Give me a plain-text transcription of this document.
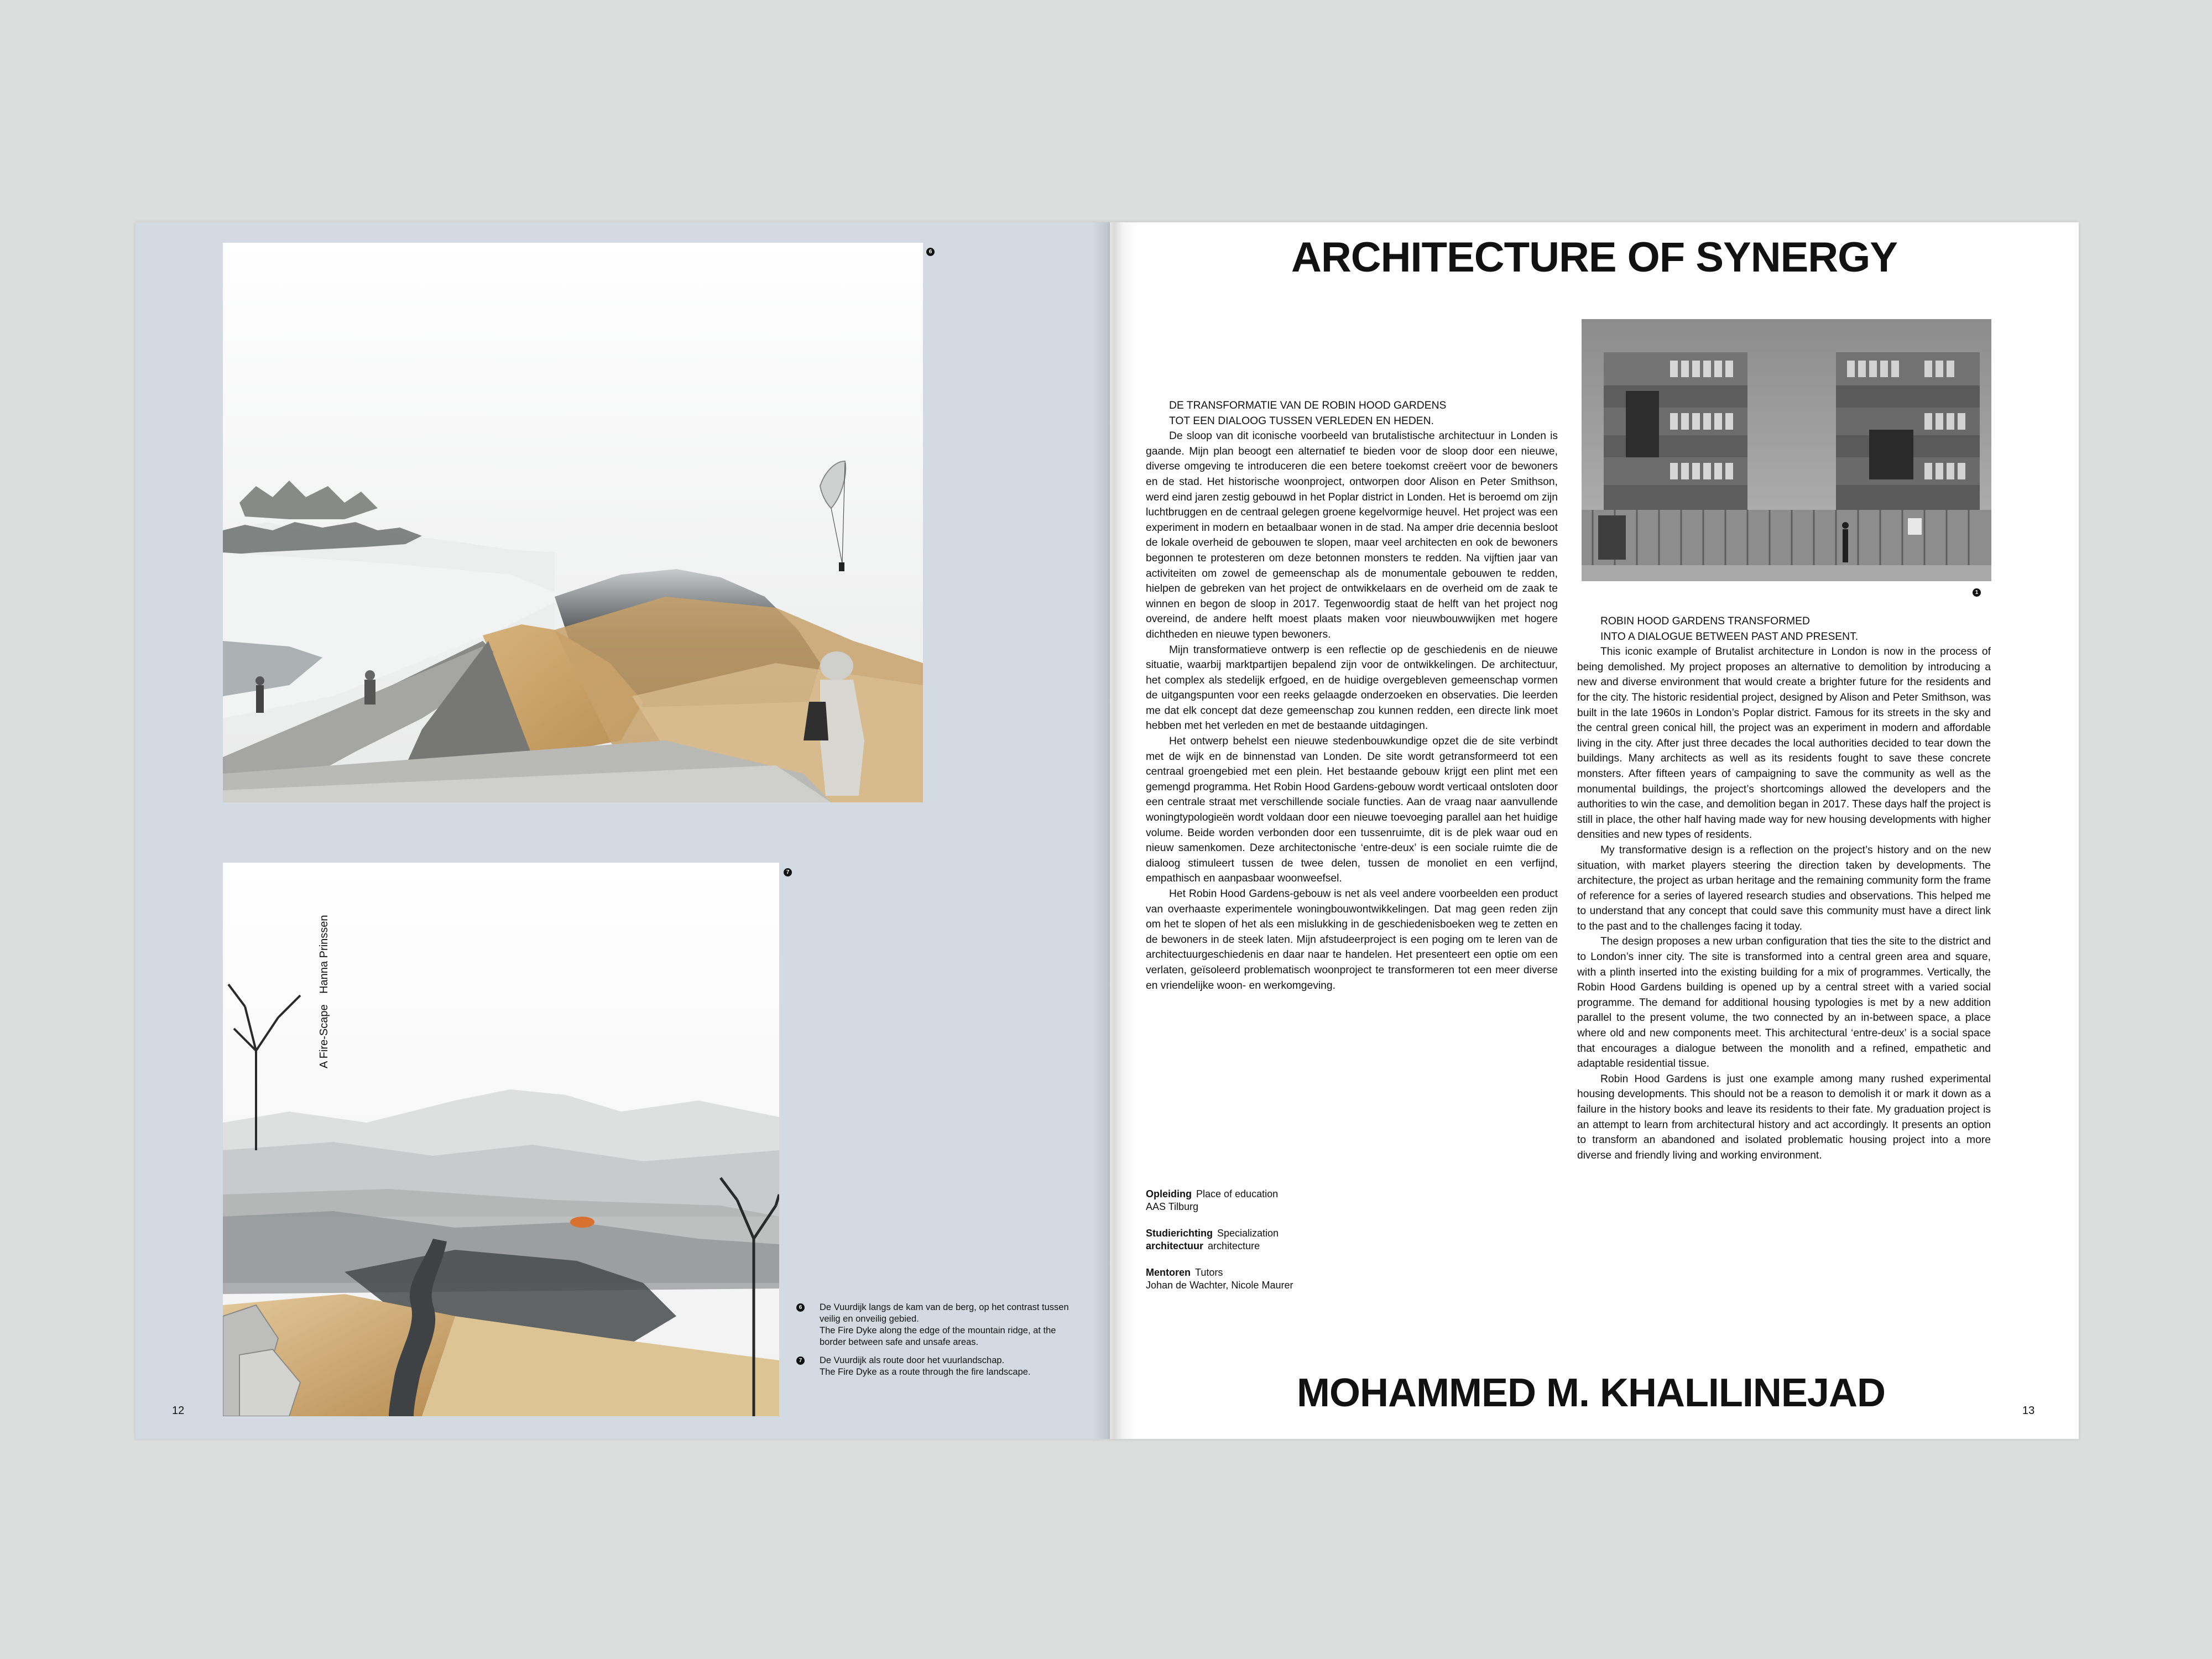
6
7
A Fire-Scape Hanna Prinssen
6 De Vuurdijk langs de kam van de berg, op het contrast tussen veilig en onveilig gebied.
The Fire Dyke along the edge of the mountain ridge, at the border between safe and unsafe areas.
7 De Vuurdijk als route door het vuurlandschap.
The Fire Dyke as a route through the fire landscape.
12
ARCHITECTURE OF SYNERGY
DE TRANSFORMATIE VAN DE ROBIN HOOD GARDENS
TOT EEN DIALOOG TUSSEN VERLEDEN EN HEDEN.

De sloop van dit iconische voorbeeld van brutalistische architectuur in Londen is gaande. Mijn plan beoogt een alternatief te bieden voor de sloop door een nieuwe, diverse omgeving te introduceren die een betere toekomst creëert voor de bewoners en de stad. Het historische woonproject, ontworpen door Alison en Peter Smithson, werd eind jaren zestig gebouwd in het Poplar district in Londen. Het is beroemd om zijn luchtbruggen en de centraal gelegen groene kegelvormige heuvel. Het project was een experiment in modern en betaalbaar wonen in de stad. Na amper drie decennia besloot de lokale overheid de gebouwen te slopen, maar veel architecten en ook de bewoners begonnen te protesteren om deze betonnen monsters te redden. Na vijftien jaar van activiteiten om zowel de gemeenschap als de monumentale gebouwen te redden, hielpen de gebreken van het project de ontwikkelaars en de overheid om de zaak te winnen en begon de sloop in 2017. Tegenwoordig staat de helft van het project nog overeind, de andere helft moest plaats maken voor nieuwbouwwijken met hogere dichtheden en nieuwe typen bewoners.

Mijn transformatieve ontwerp is een reflectie op de geschiedenis en de nieuwe situatie, waarbij marktpartijen bepalend zijn voor de ontwikkelingen. De architectuur, het complex als stedelijk erfgoed, en de huidige overgebleven gemeenschap vormen de uitgangspunten voor een reeks gelaagde onderzoeken en observaties. Die leerden me dat elk concept dat deze gemeenschap zou kunnen redden, een directe link moet hebben met het verleden en met de bestaande uitdagingen.

Het ontwerp behelst een nieuwe stedenbouwkundige opzet die de site verbindt met de wijk en de binnenstad van Londen. De site wordt getransformeerd tot een centraal groengebied met een plein. Het bestaande gebouw krijgt een plint met een gemengd programma. Het Robin Hood Gardens-gebouw wordt verticaal ontsloten door een centrale straat met verschillende sociale functies. Aan de vraag naar aanvullende woningtypologieën wordt voldaan door een nieuwe toevoeging parallel aan het huidige volume. Beide worden verbonden door een tussenruimte, dit is de plek waar oud en nieuw samenkomen. Deze architectonische ‘entre-deux’ is een sociale ruimte die de dialoog stimuleert tussen de twee delen, tussen de monoliet en een verfijnd, empathisch en aanpasbaar woonweefsel.

Het Robin Hood Gardens-gebouw is net als veel andere voorbeelden een product van overhaaste experimentele woningbouwontwikkelingen. Dat mag geen reden zijn om het te slopen of het als een mislukking in de geschiedenisboeken weg te zetten en de bewoners in de steek laten. Mijn afstudeerproject is een poging om te leren van de architectuurgeschiedenis en daar naar te handelen. Het presenteert een optie om een verlaten, geïsoleerd problematisch woonproject te transformeren tot een meer diverse en vriendelijke woon- en werkomgeving.

Opleiding Place of education
AAS Tilburg
Studierichting Specialization
architectuur architecture
Mentoren Tutors
Johan de Wachter, Nicole Maurer
1
ROBIN HOOD GARDENS TRANSFORMED
INTO A DIALOGUE BETWEEN PAST AND PRESENT.

This iconic example of Brutalist architecture in London is now in the process of being demolished. My project proposes an alternative to demolition by introducing a new and diverse environment that would create a brighter future for the residents and for the city. The historic residential project, designed by Alison and Peter Smithson, was built in the late 1960s in London’s Poplar district. Famous for its streets in the sky and the central green conical hill, the project was an experiment in modern and affordable living in the city. After just three decades the local authorities decided to tear down the buildings. Many architects as well as its residents fought to save these concrete monsters. After fifteen years of campaigning to save the community as well as the monumental buildings, the project’s shortcomings allowed the developers and the authorities to win the case, and demolition began in 2017. These days half the project is still in place, the other half having made way for new housing developments with higher densities and new types of residents.

My transformative design is a reflection on the project’s history and on the new situation, with market players steering the direction taken by developments. The architecture, the project as urban heritage and the remaining community form the frame of reference for a series of layered research studies and observations. This helped me to understand that any concept that could save this community must have a direct link to the past and to the challenges facing it today.

The design proposes a new urban configuration that ties the site to the district and to London’s inner city. The site is transformed into a central green area and square, with a plinth inserted into the existing building for a mix of programmes. Vertically, the Robin Hood Gardens building is opened up by a central street with a varied social programme. The demand for additional housing typologies is met by a new addition parallel to the present volume, the two connected by an in-between space, a place where old and new components meet. This architectural ‘entre-deux’ is a social space that encourages a dialogue between the monolith and a refined, empathetic and adaptable residential tissue.

Robin Hood Gardens is just one example among many rushed experimental housing developments. This should not be a reason to demolish it or mark it down as a failure in the history books and leave its residents to their fate. My graduation project is an attempt to learn from architectural history and act accordingly. It presents an option to transform an abandoned and isolated problematic housing project into a more diverse and friendly living and working environment.

MOHAMMED M. KHALILINEJAD	13
